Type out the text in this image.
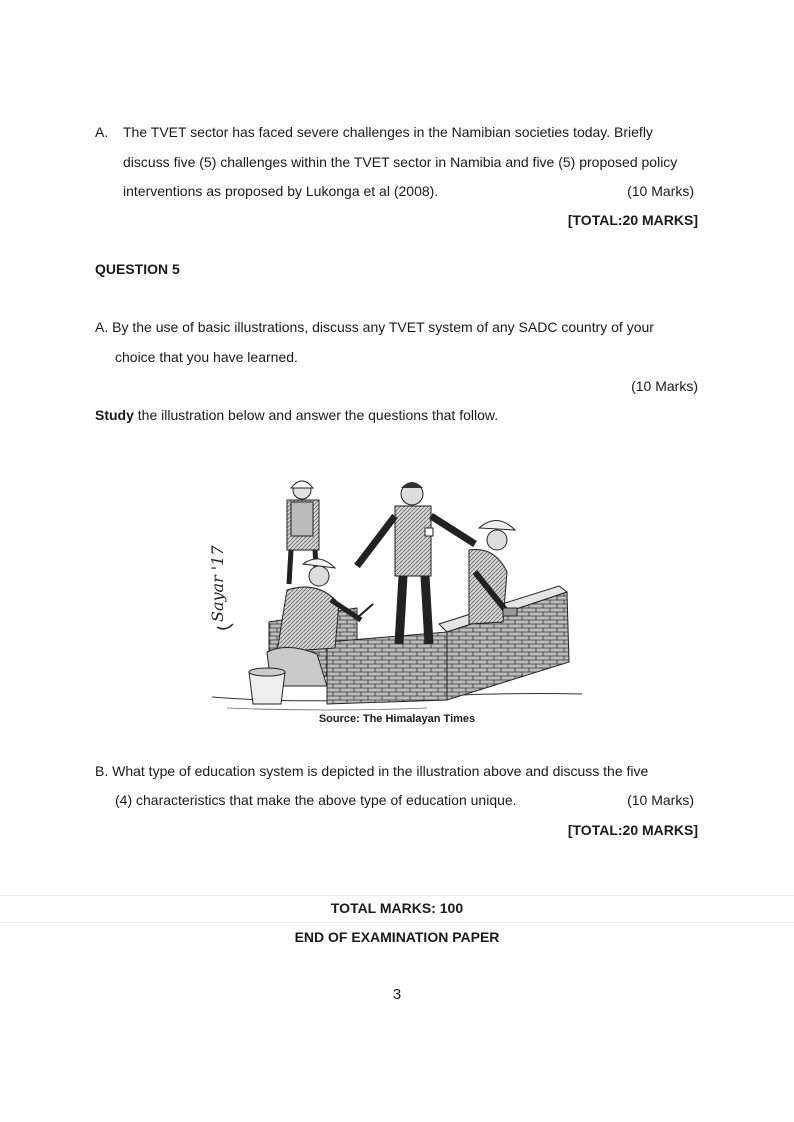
A. The TVET sector has faced severe challenges in the Namibian societies today. Briefly
discuss five (5) challenges within the TVET sector in Namibia and five (5) proposed policy
interventions as proposed by Lukonga et al (2008).	(10 Marks)
[TOTAL:20 MARKS]
QUESTION 5
A. By the use of basic illustrations, discuss any TVET system of any SADC country of your
choice that you have learned.
(10 Marks)
Study the illustration below and answer the questions that follow.
Sayar '17
Source: The Himalayan Times
B. What type of education system is depicted in the illustration above and discuss the five
(4) characteristics that make the above type of education unique.	(10 Marks)
[TOTAL:20 MARKS]
TOTAL MARKS: 100
END OF EXAMINATION PAPER
3
